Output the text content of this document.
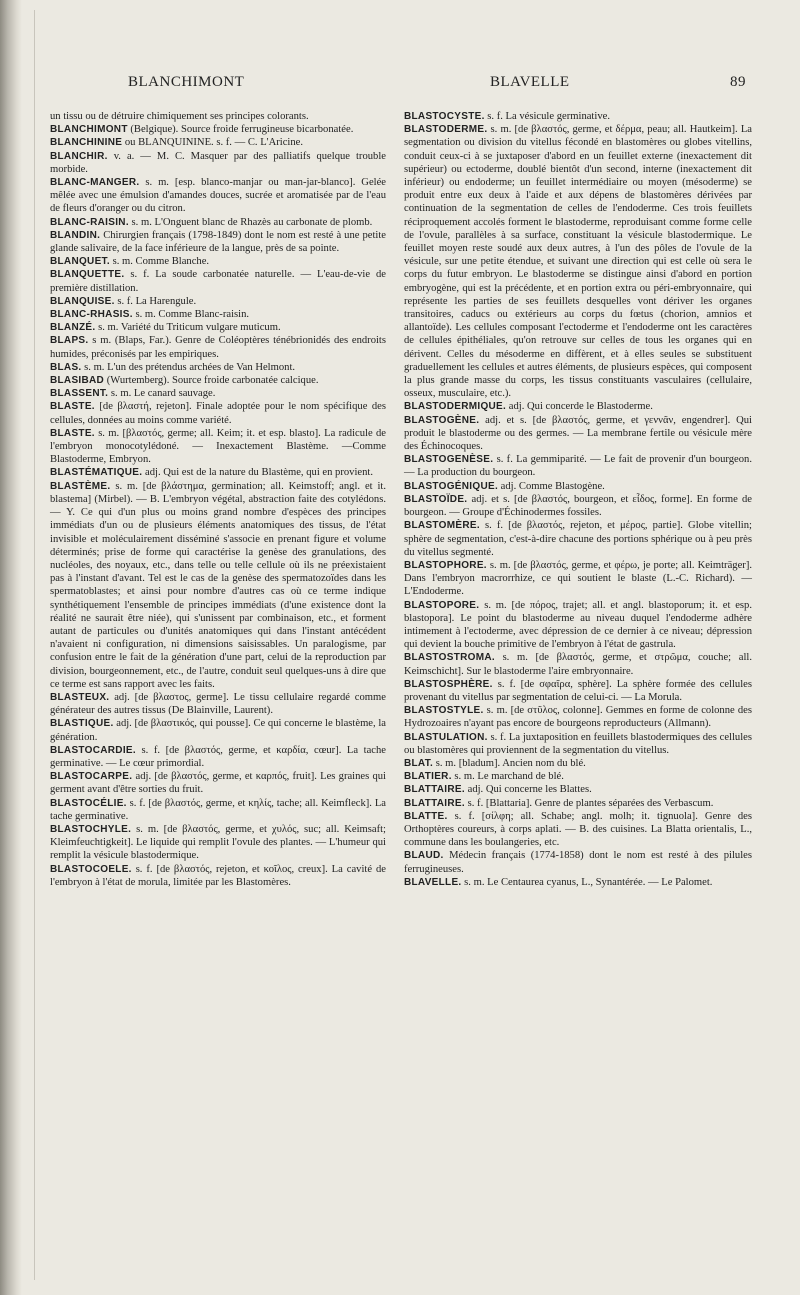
BLANCHIMONT	BLAVELLE	89

un tissu ou de détruire chimiquement ses principes colorants.

BLANCHIMONT (Belgique). Source froide ferrugineuse bicarbonatée.

BLANCHININE ou BLANQUININE. s. f. — C. L'Aricine.

BLANCHIR. v. a. — M. C. Masquer par des palliatifs quelque trouble morbide.

BLANC-MANGER. s. m. [esp. blanco-manjar ou man-jar-blanco]. Gelée mêlée avec une émulsion d'amandes douces, sucrée et aromatisée par de l'eau de fleurs d'oranger ou du citron.

BLANC-RAISIN. s. m. L'Onguent blanc de Rhazès au carbonate de plomb.

BLANDIN. Chirurgien français (1798-1849) dont le nom est resté à une petite glande salivaire, de la face inférieure de la langue, près de sa pointe.

BLANQUET. s. m. Comme Blanche.

BLANQUETTE. s. f. La soude carbonatée naturelle. — L'eau-de-vie de première distillation.

BLANQUISE. s. f. La Harengule.

BLANC-RHASIS. s. m. Comme Blanc-raisin.

BLANZÉ. s. m. Variété du Triticum vulgare muticum.

BLAPS. s m. (Blaps, Far.). Genre de Coléoptères ténébrionidés des endroits humides, préconisés par les empiriques.

BLAS. s. m. L'un des prétendus archées de Van Helmont.

BLASIBAD (Wurtemberg). Source froide carbonatée calcique.

BLASSENT. s. m. Le canard sauvage.

BLASTE. [de βλαστή, rejeton]. Finale adoptée pour le nom spécifique des cellules, données au moins comme variété.

BLASTE. s. m. [βλαστός, germe; all. Keim; it. et esp. blasto]. La radicule de l'embryon monocotylédoné. — Inexactement Blastème. —Comme Blastoderme, Embryon.

BLASTÉMATIQUE. adj. Qui est de la nature du Blastème, qui en provient.

BLASTÈME. s. m. [de βλάστημα, germination; all. Keimstoff; angl. et it. blastema] (Mirbel). — B. L'embryon végétal, abstraction faite des cotylédons. — Y. Ce qui d'un plus ou moins grand nombre d'espèces des principes immédiats d'un ou de plusieurs éléments anatomiques des tissus, de l'état invisible et moléculairement disséminé s'associe en prenant figure et volume déterminés; prise de forme qui caractérise la genèse des granulations, des nucléoles, des noyaux, etc., dans telle ou telle cellule où ils ne préexistaient pas à l'instant d'avant. Tel est le cas de la genèse des spermatozoïdes dans les spermatoblastes; et ainsi pour nombre d'autres cas où ce terme indique synthétiquement l'ensemble de principes immédiats (d'une existence dont la réalité ne saurait être niée), qui s'unissent par combinaison, etc., et forment autant de particules ou d'unités anatomiques qui dans l'instant antécédent n'avaient ni configuration, ni dimensions saisissables. Un paralogisme, par confusion entre le fait de la génération d'une part, celui de la reproduction par division, bourgeonnement, etc., de l'autre, conduit seul quelques-uns à dire que ce terme est sans rapport avec les faits.

BLASTEUX. adj. [de βλαστος, germe]. Le tissu cellulaire regardé comme générateur des autres tissus (De Blainville, Laurent).

BLASTIQUE. adj. [de βλαστικός, qui pousse]. Ce qui concerne le blastème, la génération.

BLASTOCARDIE. s. f. [de βλαστός, germe, et καρδία, cœur]. La tache germinative. — Le cœur primordial.

BLASTOCARPE. adj. [de βλαστός, germe, et καρπός, fruit]. Les graines qui germent avant d'être sorties du fruit.

BLASTOCÉLIE. s. f. [de βλαστός, germe, et κηλίς, tache; all. Keimfleck]. La tache germinative.

BLASTOCHYLE. s. m. [de βλαστός, germe, et χυλός, suc; all. Keimsaft; Kleimfeuchtigkeit]. Le liquide qui remplit l'ovule des plantes. — L'humeur qui remplit la vésicule blastodermique.

BLASTOCOELE. s. f. [de βλαστός, rejeton, et κοῖλος, creux]. La cavité de l'embryon à l'état de morula, limitée par les Blastomères.

BLASTOCYSTE. s. f. La vésicule germinative.

BLASTODERME. s. m. [de βλαστός, germe, et δέρμα, peau; all. Hautkeim]. La segmentation ou division du vitellus fécondé en blastomères ou globes vitellins, conduit ceux-ci à se juxtaposer d'abord en un feuillet externe (inexactement dit supérieur) ou ectoderme, doublé bientôt d'un second, interne (inexactement dit inférieur) ou endoderme; un feuillet intermédiaire ou moyen (mésoderme) se produit entre eux deux à l'aide et aux dépens de blastomères dérivées par continuation de la segmentation de celles de l'endoderme. Ces trois feuillets réciproquement accolés forment le blastoderme, reproduisant comme forme celle de l'ovule, parallèles à sa surface, constituant la vésicule blastodermique. Le feuillet moyen reste soudé aux deux autres, à l'un des pôles de l'ovule de la vésicule, sur une petite étendue, et suivant une direction qui est celle où sera le corps du futur embryon. Le blastoderme se distingue ainsi d'abord en portion embryogène, qui est la précédente, et en portion extra ou péri-embryonnaire, qui représente les parties de ses feuillets desquelles vont dériver les organes transitoires, caducs ou extérieurs au corps du fœtus (chorion, amnios et allantoïde). Les cellules composant l'ectoderme et l'endoderme ont les caractères de cellules épithéliales, qu'on retrouve sur celles de tous les organes qui en dérivent. Celles du mésoderme en diffèrent, et à elles seules se substituent graduellement les cellules et autres éléments, de plusieurs espèces, qui composent la plus grande masse du corps, les tissus constituants vasculaires (cellulaire, osseux, musculaire, etc.).

BLASTODERMIQUE. adj. Qui concerde le Blastoderme.

BLASTOGÈNE. adj. et s. [de βλαστός, germe, et γεννᾶν, engendrer]. Qui produit le blastoderme ou des germes. — La membrane fertile ou vésicule mère des Échinocoques.

BLASTOGENÈSE. s. f. La gemmiparité. — Le fait de provenir d'un bourgeon. — La production du bourgeon.

BLASTOGÉNIQUE. adj. Comme Blastogène.

BLASTOÏDE. adj. et s. [de βλαστός, bourgeon, et εἶδος, forme]. En forme de bourgeon. — Groupe d'Échinodermes fossiles.

BLASTOMÈRE. s. f. [de βλαστός, rejeton, et μέρος, partie]. Globe vitellin; sphère de segmentation, c'est-à-dire chacune des portions sphérique ou à peu près du vitellus segmenté.

BLASTOPHORE. s. m. [de βλαστός, germe, et φέρω, je porte; all. Keimträger]. Dans l'embryon macrorrhize, ce qui soutient le blaste (L.-C. Richard). — L'Endoderme.

BLASTOPORE. s. m. [de πόρος, trajet; all. et angl. blastoporum; it. et esp. blastopora]. Le point du blastoderme au niveau duquel l'endoderme adhère intimement à l'ectoderme, avec dépression de ce dernier à ce niveau; dépression qui devient la bouche primitive de l'embryon à l'état de gastrula.

BLASTOSTROMA. s. m. [de βλαστός, germe, et στρῶμα, couche; all. Keimschicht]. Sur le blastoderme l'aire embryonnaire.

BLASTOSPHÈRE. s. f. [de σφαῖρα, sphère]. La sphère formée des cellules provenant du vitellus par segmentation de celui-ci. — La Morula.

BLASTOSTYLE. s. m. [de στῦλος, colonne]. Gemmes en forme de colonne des Hydrozoaires n'ayant pas encore de bourgeons reproducteurs (Allmann).

BLASTULATION. s. f. La juxtaposition en feuillets blastodermiques des cellules ou blastomères qui proviennent de la segmentation du vitellus.

BLAT. s. m. [bladum]. Ancien nom du blé.

BLATIER. s. m. Le marchand de blé.

BLATTAIRE. adj. Qui concerne les Blattes.

BLATTAIRE. s. f. [Blattaria]. Genre de plantes séparées des Verbascum.

BLATTE. s. f. [σίλφη; all. Schabe; angl. molh; it. tignuola]. Genre des Orthoptères coureurs, à corps aplati. — B. des cuisines. La Blatta orientalis, L., commune dans les boulangeries, etc.

BLAUD. Médecin français (1774-1858) dont le nom est resté à des pilules ferrugineuses.

BLAVELLE. s. m. Le Centaurea cyanus, L., Synantérée. — Le Palomet.
